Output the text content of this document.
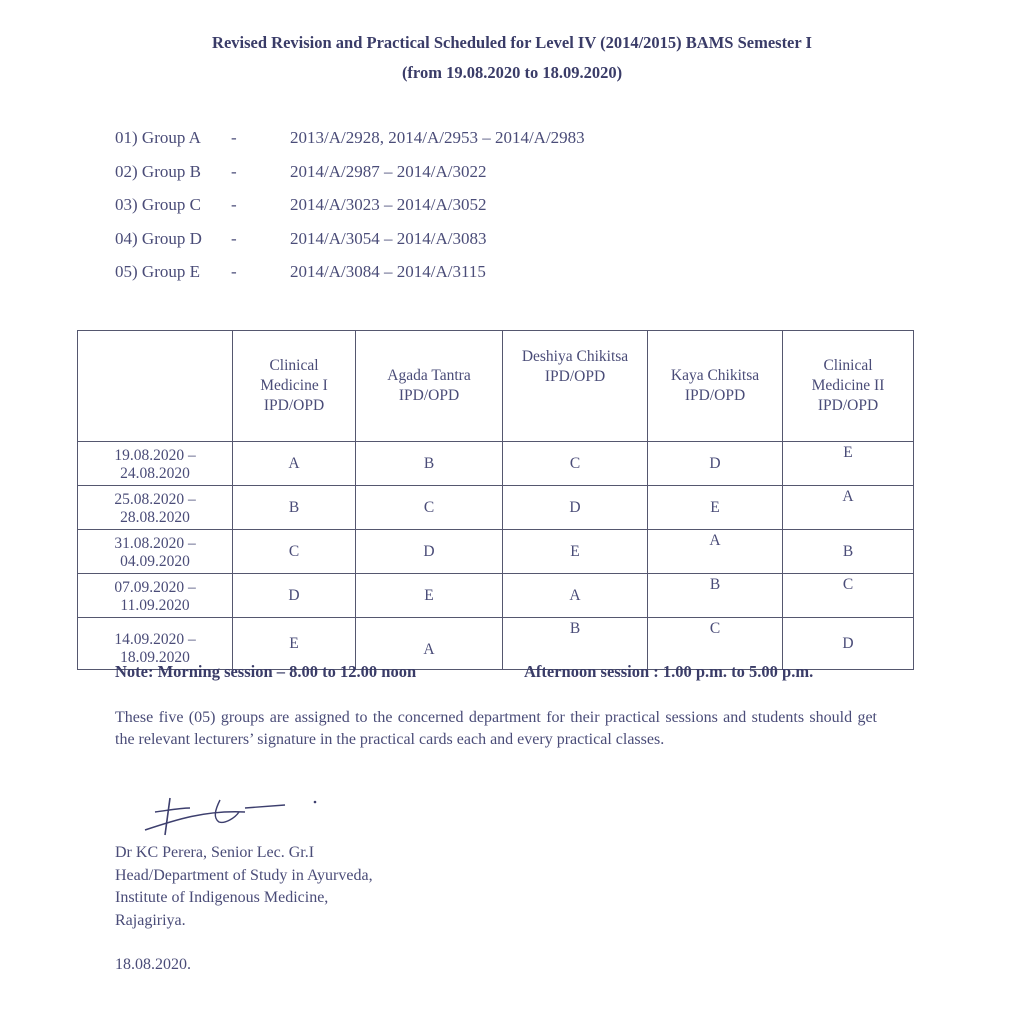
Revised Revision and Practical Scheduled for Level IV (2014/2015) BAMS Semester I

(from 19.08.2020 to 18.09.2020)

01) Group A -	2013/A/2928, 2014/A/2953 – 2014/A/2983
02) Group B -	2014/A/2987 – 2014/A/3022
03) Group C -	2014/A/3023 – 2014/A/3052
04) Group D -	2014/A/3054 – 2014/A/3083
05) Group E -	2014/A/3084 – 2014/A/3115

	Clinical
Medicine I
IPD/OPD	Agada Tantra
IPD/OPD	Deshiya Chikitsa
IPD/OPD	Kaya Chikitsa
IPD/OPD	Clinical
Medicine II
IPD/OPD

19.08.2020 –
24.08.2020	A	B	C	D	E

25.08.2020 –
28.08.2020	B	C	D	E	A

31.08.2020 –
04.09.2020	C	D	E	A	B

07.09.2020 –
11.09.2020	D	E	A	B	C

14.09.2020 –
18.09.2020	E	A	B	C	D
Note: Morning session – 8.00 to 12.00 noon	Afternoon session : 1.00 p.m. to 5.00 p.m.

These five (05) groups are assigned to the concerned department for their practical sessions and students should get the relevant lecturers’ signature in the practical cards each and every practical classes.

Dr KC Perera, Senior Lec. Gr.I
Head/Department of Study in Ayurveda,
Institute of Indigenous Medicine,
Rajagiriya.
18.08.2020.
